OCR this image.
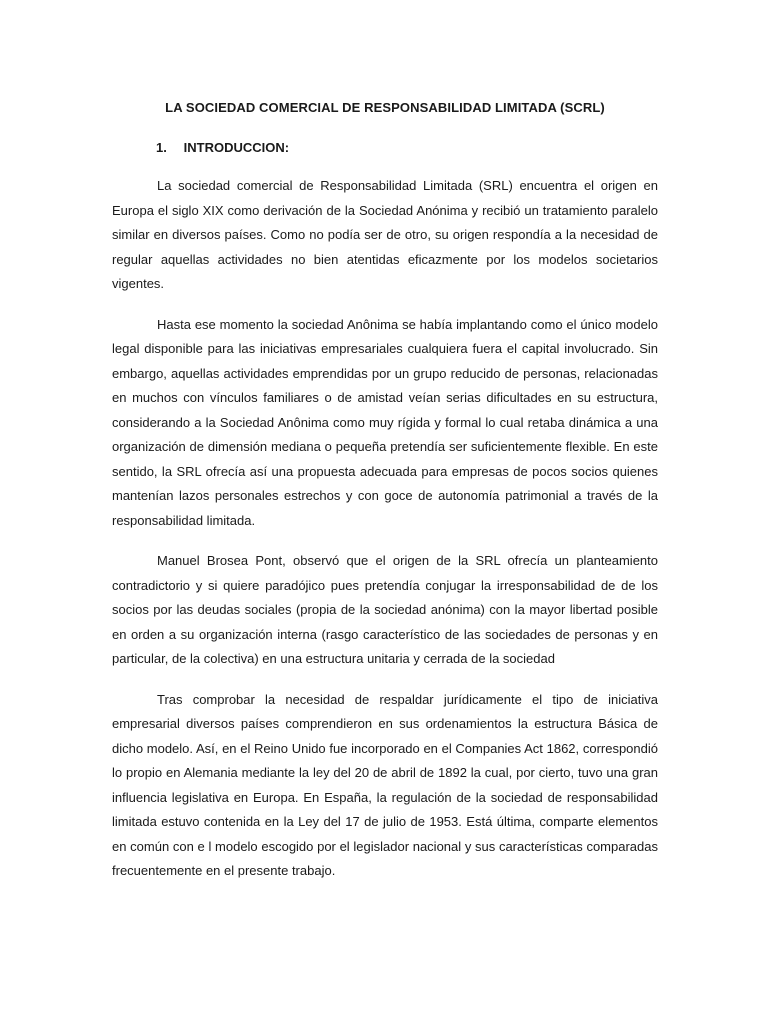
LA SOCIEDAD COMERCIAL DE RESPONSABILIDAD LIMITADA (SCRL)
1. INTRODUCCION:

La sociedad comercial de Responsabilidad Limitada (SRL) encuentra el origen en Europa el siglo XIX como derivación de la Sociedad Anónima y recibió un tratamiento paralelo similar en diversos países. Como no podía ser de otro, su origen respondía a la necesidad de regular aquellas actividades no bien atentidas eficazmente por los modelos societarios vigentes.

Hasta ese momento la sociedad Anônima se había implantando como el único modelo legal disponible para las iniciativas empresariales cualquiera fuera el capital involucrado. Sin embargo, aquellas actividades emprendidas por un grupo reducido de personas, relacionadas en muchos con vínculos familiares o de amistad veían serias dificultades en su estructura, considerando a la Sociedad Anônima como muy rígida y formal lo cual retaba dinámica a una organización de dimensión mediana o pequeña pretendía ser suficientemente flexible. En este sentido, la SRL ofrecía así una propuesta adecuada para empresas de pocos socios quienes mantenían lazos personales estrechos y con goce de autonomía patrimonial a través de la responsabilidad limitada.

Manuel Brosea Pont, observó que el origen de la SRL ofrecía un planteamiento contradictorio y si quiere paradójico pues pretendía conjugar la irresponsabilidad de de los socios por las deudas sociales (propia de la sociedad anónima) con la mayor libertad posible en orden a su organización interna (rasgo característico de las sociedades de personas y en particular, de la colectiva) en una estructura unitaria y cerrada de la sociedad

Tras comprobar la necesidad de respaldar jurídicamente el tipo de iniciativa empresarial diversos países comprendieron en sus ordenamientos la estructura Básica de dicho modelo. Así, en el Reino Unido fue incorporado en el Companies Act 1862, correspondió lo propio en Alemania mediante la ley del 20 de abril de 1892 la cual, por cierto, tuvo una gran influencia legislativa en Europa. En España, la regulación de la sociedad de responsabilidad limitada estuvo contenida en la Ley del 17 de julio de 1953. Está última, comparte elementos en común con e l modelo escogido por el legislador nacional y sus características comparadas frecuentemente en el presente trabajo.
